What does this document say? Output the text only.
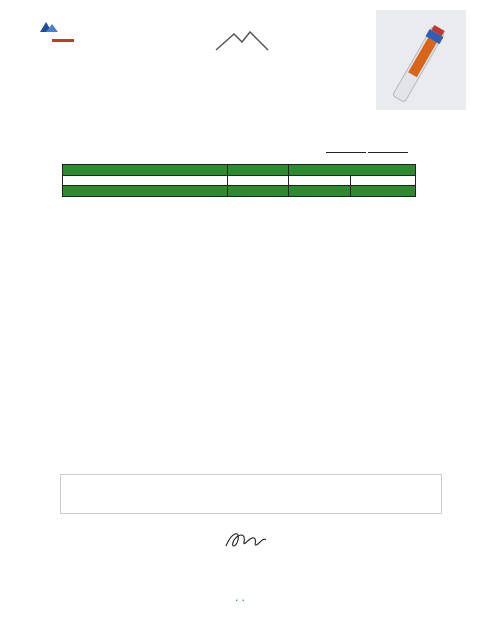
•   •
